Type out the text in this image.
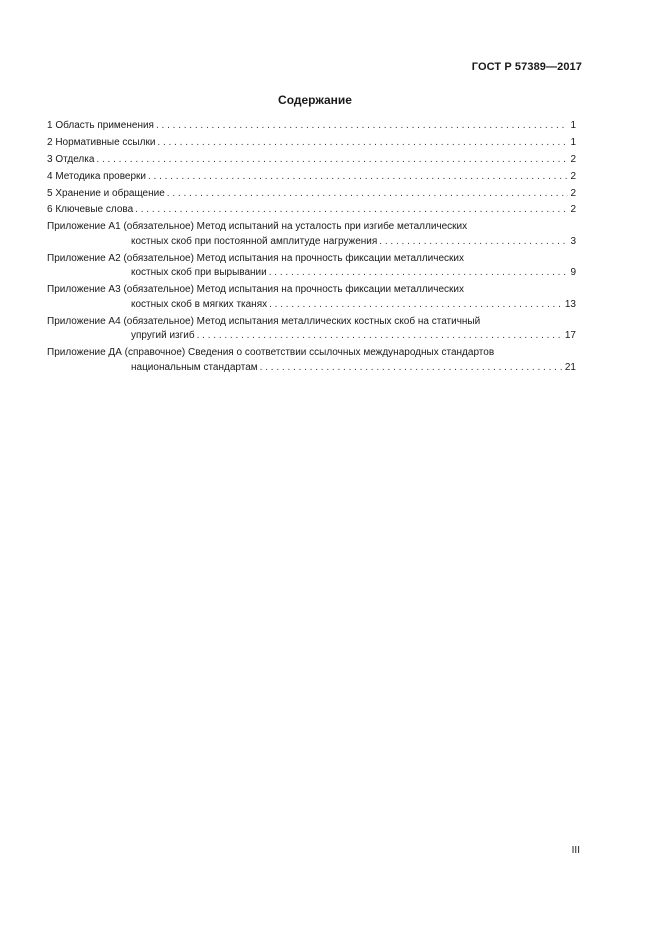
ГОСТ Р 57389—2017
Содержание
1 Область применения . . .	1
2 Нормативные ссылки . . .	1
3 Отделка . . .	2
4 Методика проверки . . .	2
5 Хранение и обращение . . .	2
6 Ключевые слова . . .	2
Приложение А1 (обязательное) Метод испытаний на усталость при изгибе металлических
костных скоб при постоянной амплитуде нагружения . . .	3
Приложение А2 (обязательное) Метод испытания на прочность фиксации металлических
костных скоб при вырывании . . .	9
Приложение А3 (обязательное) Метод испытания на прочность фиксации металлических
костных скоб в мягких тканях . . .	13
Приложение А4 (обязательное) Метод испытания металлических костных скоб на статичный
упругий изгиб . . .	17
Приложение ДА (справочное) Сведения о соответствии ссылочных международных стандартов
национальным стандартам . . .	21
III
